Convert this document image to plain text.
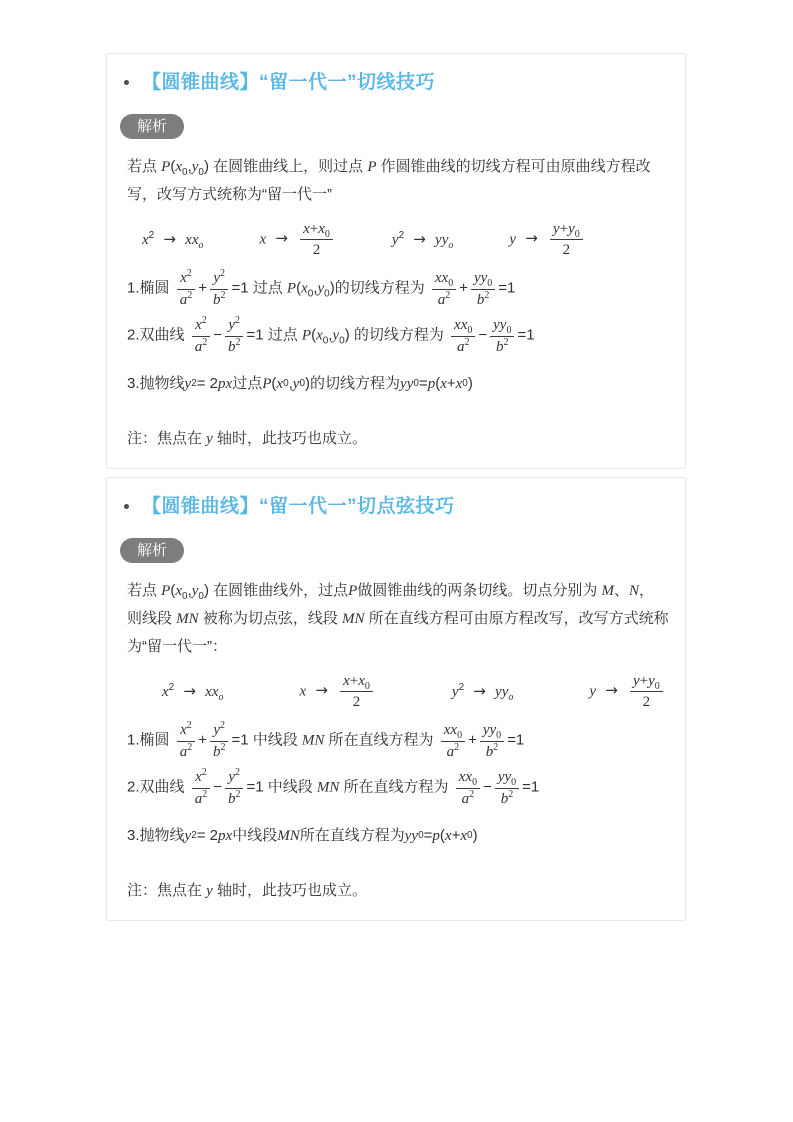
【圆锥曲线】“留一代一”切线技巧
解析

若点 $P(x_0,y_0)$ 在圆锥曲线上，则过点 P 作圆锥曲线的切线方程可由原曲线方程改写，改写方式统称为“留一代一”

$x^2 \to xx_o$	$x \to \frac{x+x_0}{2}$	$y^2 \to yy_o$	$y \to \frac{y+y_0}{2}$
1.椭圆 $\frac{x^2}{a^2} + \frac{y^2}{b^2} =1$ 过点 $P(x_0,y_0)$的切线方程为 $\frac{xx_0}{a^2} + \frac{yy_0}{b^2} =1$
2.双曲线 $\frac{x^2}{a^2} - \frac{y^2}{b^2} =1$ 过点 $P(x_0,y_0)$ 的切线方程为 $\frac{xx_0}{a^2} - \frac{yy_0}{b^2} =1$
3.抛物线 y 2 = 2 px 过点 P ( x 0 , y 0 )的切线方程为 yy 0 = p ( x + x 0 )

注：焦点在 y 轴时，此技巧也成立。

【圆锥曲线】“留一代一”切点弦技巧
解析

若点 $P(x_0,y_0)$ 在圆锥曲线外，过点P做圆锥曲线的两条切线。切点分别为 M、N，则线段 MN 被称为切点弦，线段 MN 所在直线方程可由原方程改写，改写方式统称为“留一代一”：

$x^2 \to xx_o$	$x \to \frac{x+x_0}{2}$	$y^2 \to yy_o$	$y \to \frac{y+y_0}{2}$
1.椭圆 $\frac{x^2}{a^2} + \frac{y^2}{b^2} =1$ 中线段 MN 所在直线方程为 $\frac{xx_0}{a^2} + \frac{yy_0}{b^2} =1$
2.双曲线 $\frac{x^2}{a^2} - \frac{y^2}{b^2} =1$ 中线段 MN 所在直线方程为 $\frac{xx_0}{a^2} - \frac{yy_0}{b^2} =1$
3.抛物线 y 2 = 2 px 中线段 MN 所在直线方程为 yy 0 = p ( x + x 0 )

注：焦点在 y 轴时，此技巧也成立。
